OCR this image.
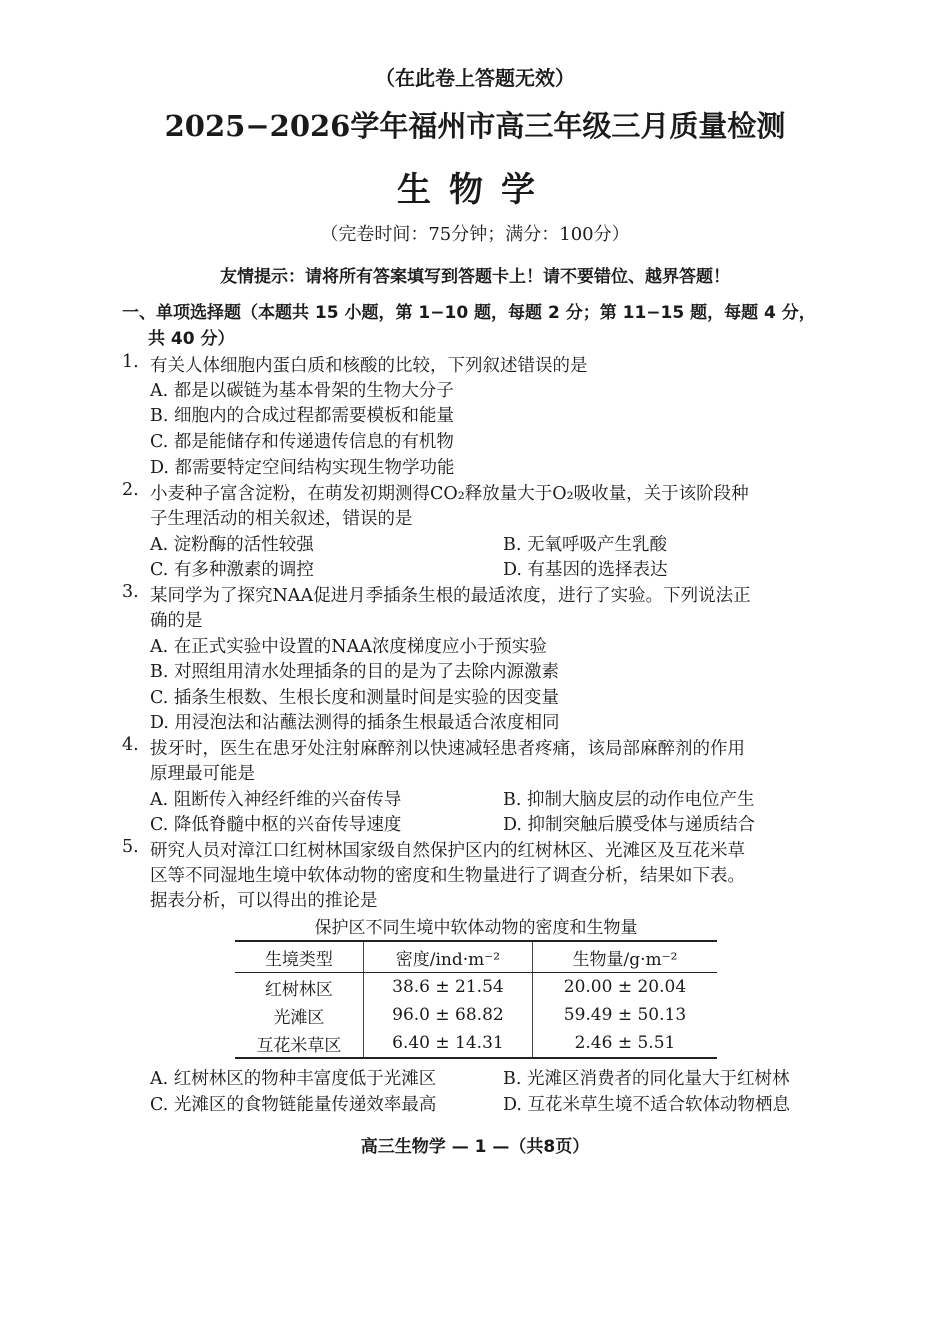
（在此卷上答题无效）
2025−2026学年福州市高三年级三月质量检测
生物学
（完卷时间：75分钟；满分：100分）
友情提示：请将所有答案填写到答题卡上！请不要错位、越界答题！
一、单项选择题（本题共 15 小题，第 1−10 题，每题 2 分；第 11−15 题，每题 4 分，
共 40 分）
1. 有关人体细胞内蛋白质和核酸的比较，下列叙述错误的是
A. 都是以碳链为基本骨架的生物大分子
B. 细胞内的合成过程都需要模板和能量
C. 都是能储存和传递遗传信息的有机物
D. 都需要特定空间结构实现生物学功能
2. 小麦种子富含淀粉，在萌发初期测得CO₂释放量大于O₂吸收量，关于该阶段种
子生理活动的相关叙述，错误的是
A. 淀粉酶的活性较强	B. 无氧呼吸产生乳酸
C. 有多种激素的调控	D. 有基因的选择表达
3. 某同学为了探究NAA促进月季插条生根的最适浓度，进行了实验。下列说法正
确的是
A. 在正式实验中设置的NAA浓度梯度应小于预实验
B. 对照组用清水处理插条的目的是为了去除内源激素
C. 插条生根数、生根长度和测量时间是实验的因变量
D. 用浸泡法和沾蘸法测得的插条生根最适合浓度相同
4. 拔牙时，医生在患牙处注射麻醉剂以快速减轻患者疼痛，该局部麻醉剂的作用
原理最可能是
A. 阻断传入神经纤维的兴奋传导	B. 抑制大脑皮层的动作电位产生
C. 降低脊髓中枢的兴奋传导速度	D. 抑制突触后膜受体与递质结合
5. 研究人员对漳江口红树林国家级自然保护区内的红树林区、光滩区及互花米草
区等不同湿地生境中软体动物的密度和生物量进行了调查分析，结果如下表。
据表分析，可以得出的推论是
保护区不同生境中软体动物的密度和生物量
生境类型	密度/ind·m⁻²	生物量/g·m⁻²
红树林区	38.6 ± 21.54	20.00 ± 20.04
光滩区	96.0 ± 68.82	59.49 ± 50.13
互花米草区	6.40 ± 14.31	2.46 ± 5.51
A. 红树林区的物种丰富度低于光滩区	B. 光滩区消费者的同化量大于红树林
C. 光滩区的食物链能量传递效率最高	D. 互花米草生境不适合软体动物栖息
高三生物学 — 1 —（共8页）
